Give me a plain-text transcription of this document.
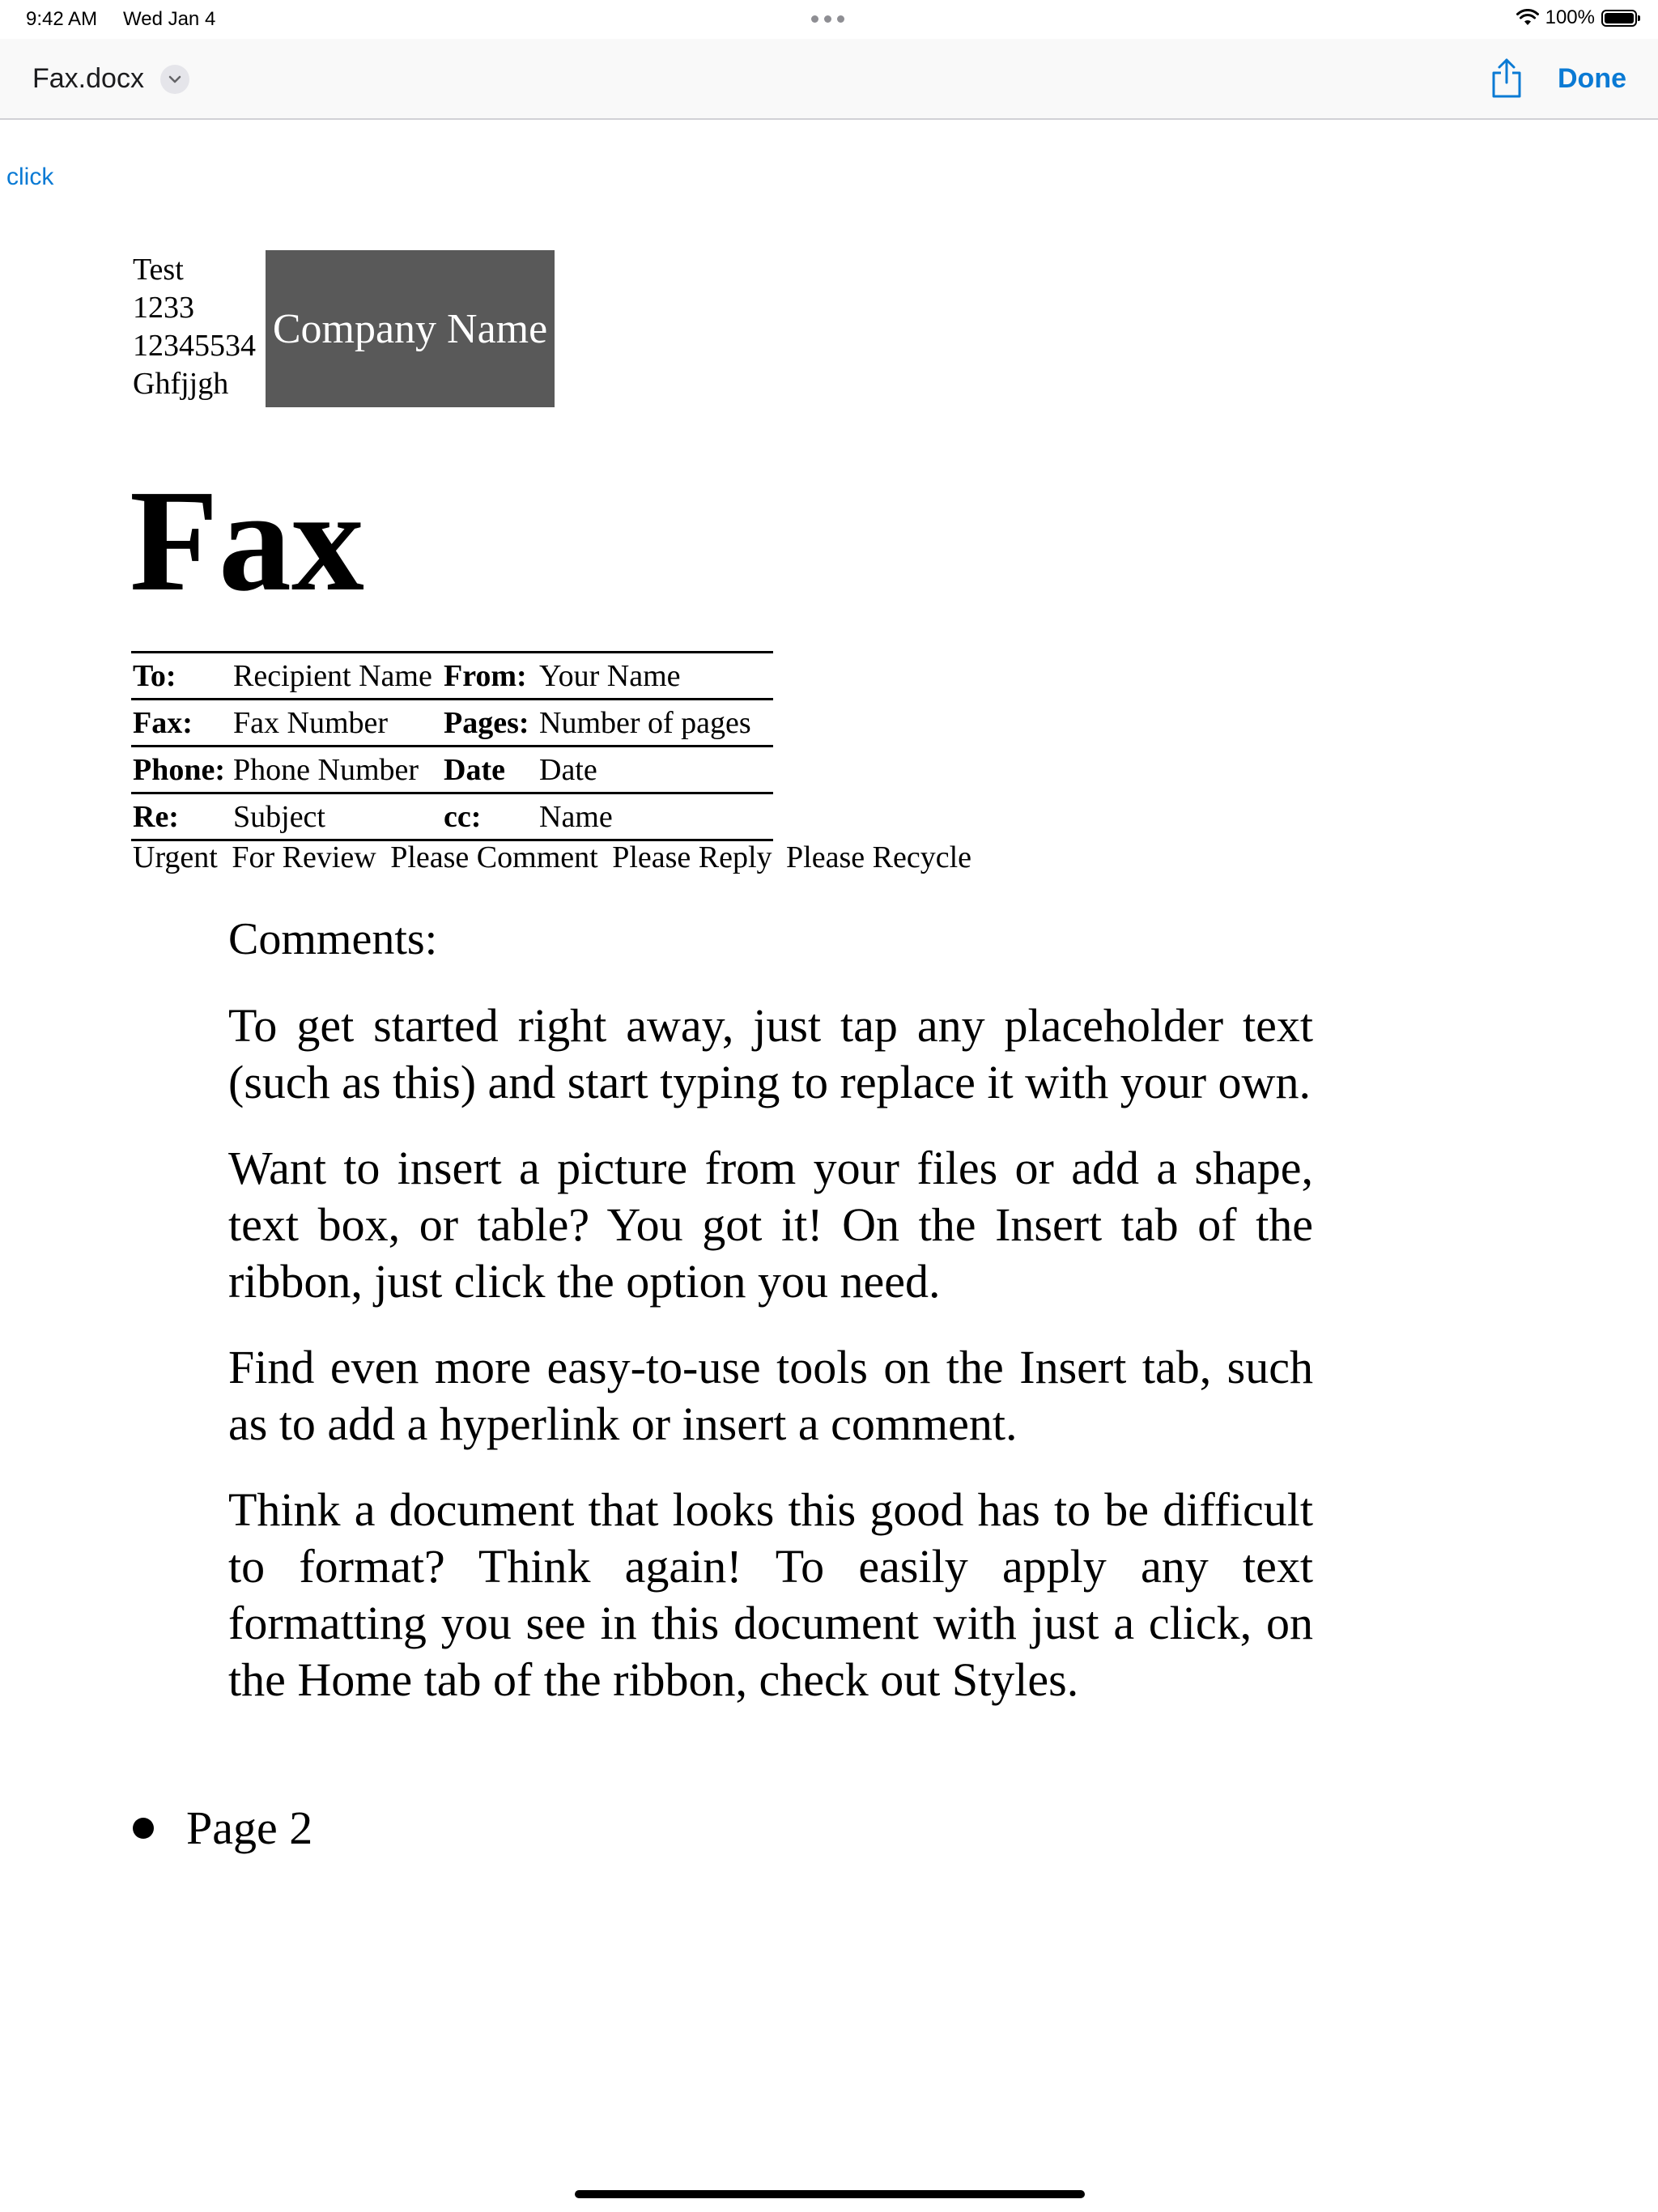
9:42 AM Wed Jan 4	100%
Fax.docx	Done
click
Test
1233
12345534
Ghfjjgh
Company Name
Fax
To:	Recipient Name	From:	Your Name
Fax:	Fax Number	Pages:	Number of pages
Phone:	Phone Number	Date	Date
Re:	Subject	cc:	Name
Urgent For Review Please Comment Please Reply Please Recycle
Comments:

To get started right away, just tap any placeholder text (such as this) and start typing to replace it with your own.

Want to insert a picture from your files or add a shape, text box, or table? You got it! On the Insert tab of the ribbon, just click the option you need.

Find even more easy-to-use tools on the Insert tab, such as to add a hyperlink or insert a comment.

Think a document that looks this good has to be difficult to format? Think again! To easily apply any text formatting you see in this document with just a click, on the Home tab of the ribbon, check out Styles.

Page 2
